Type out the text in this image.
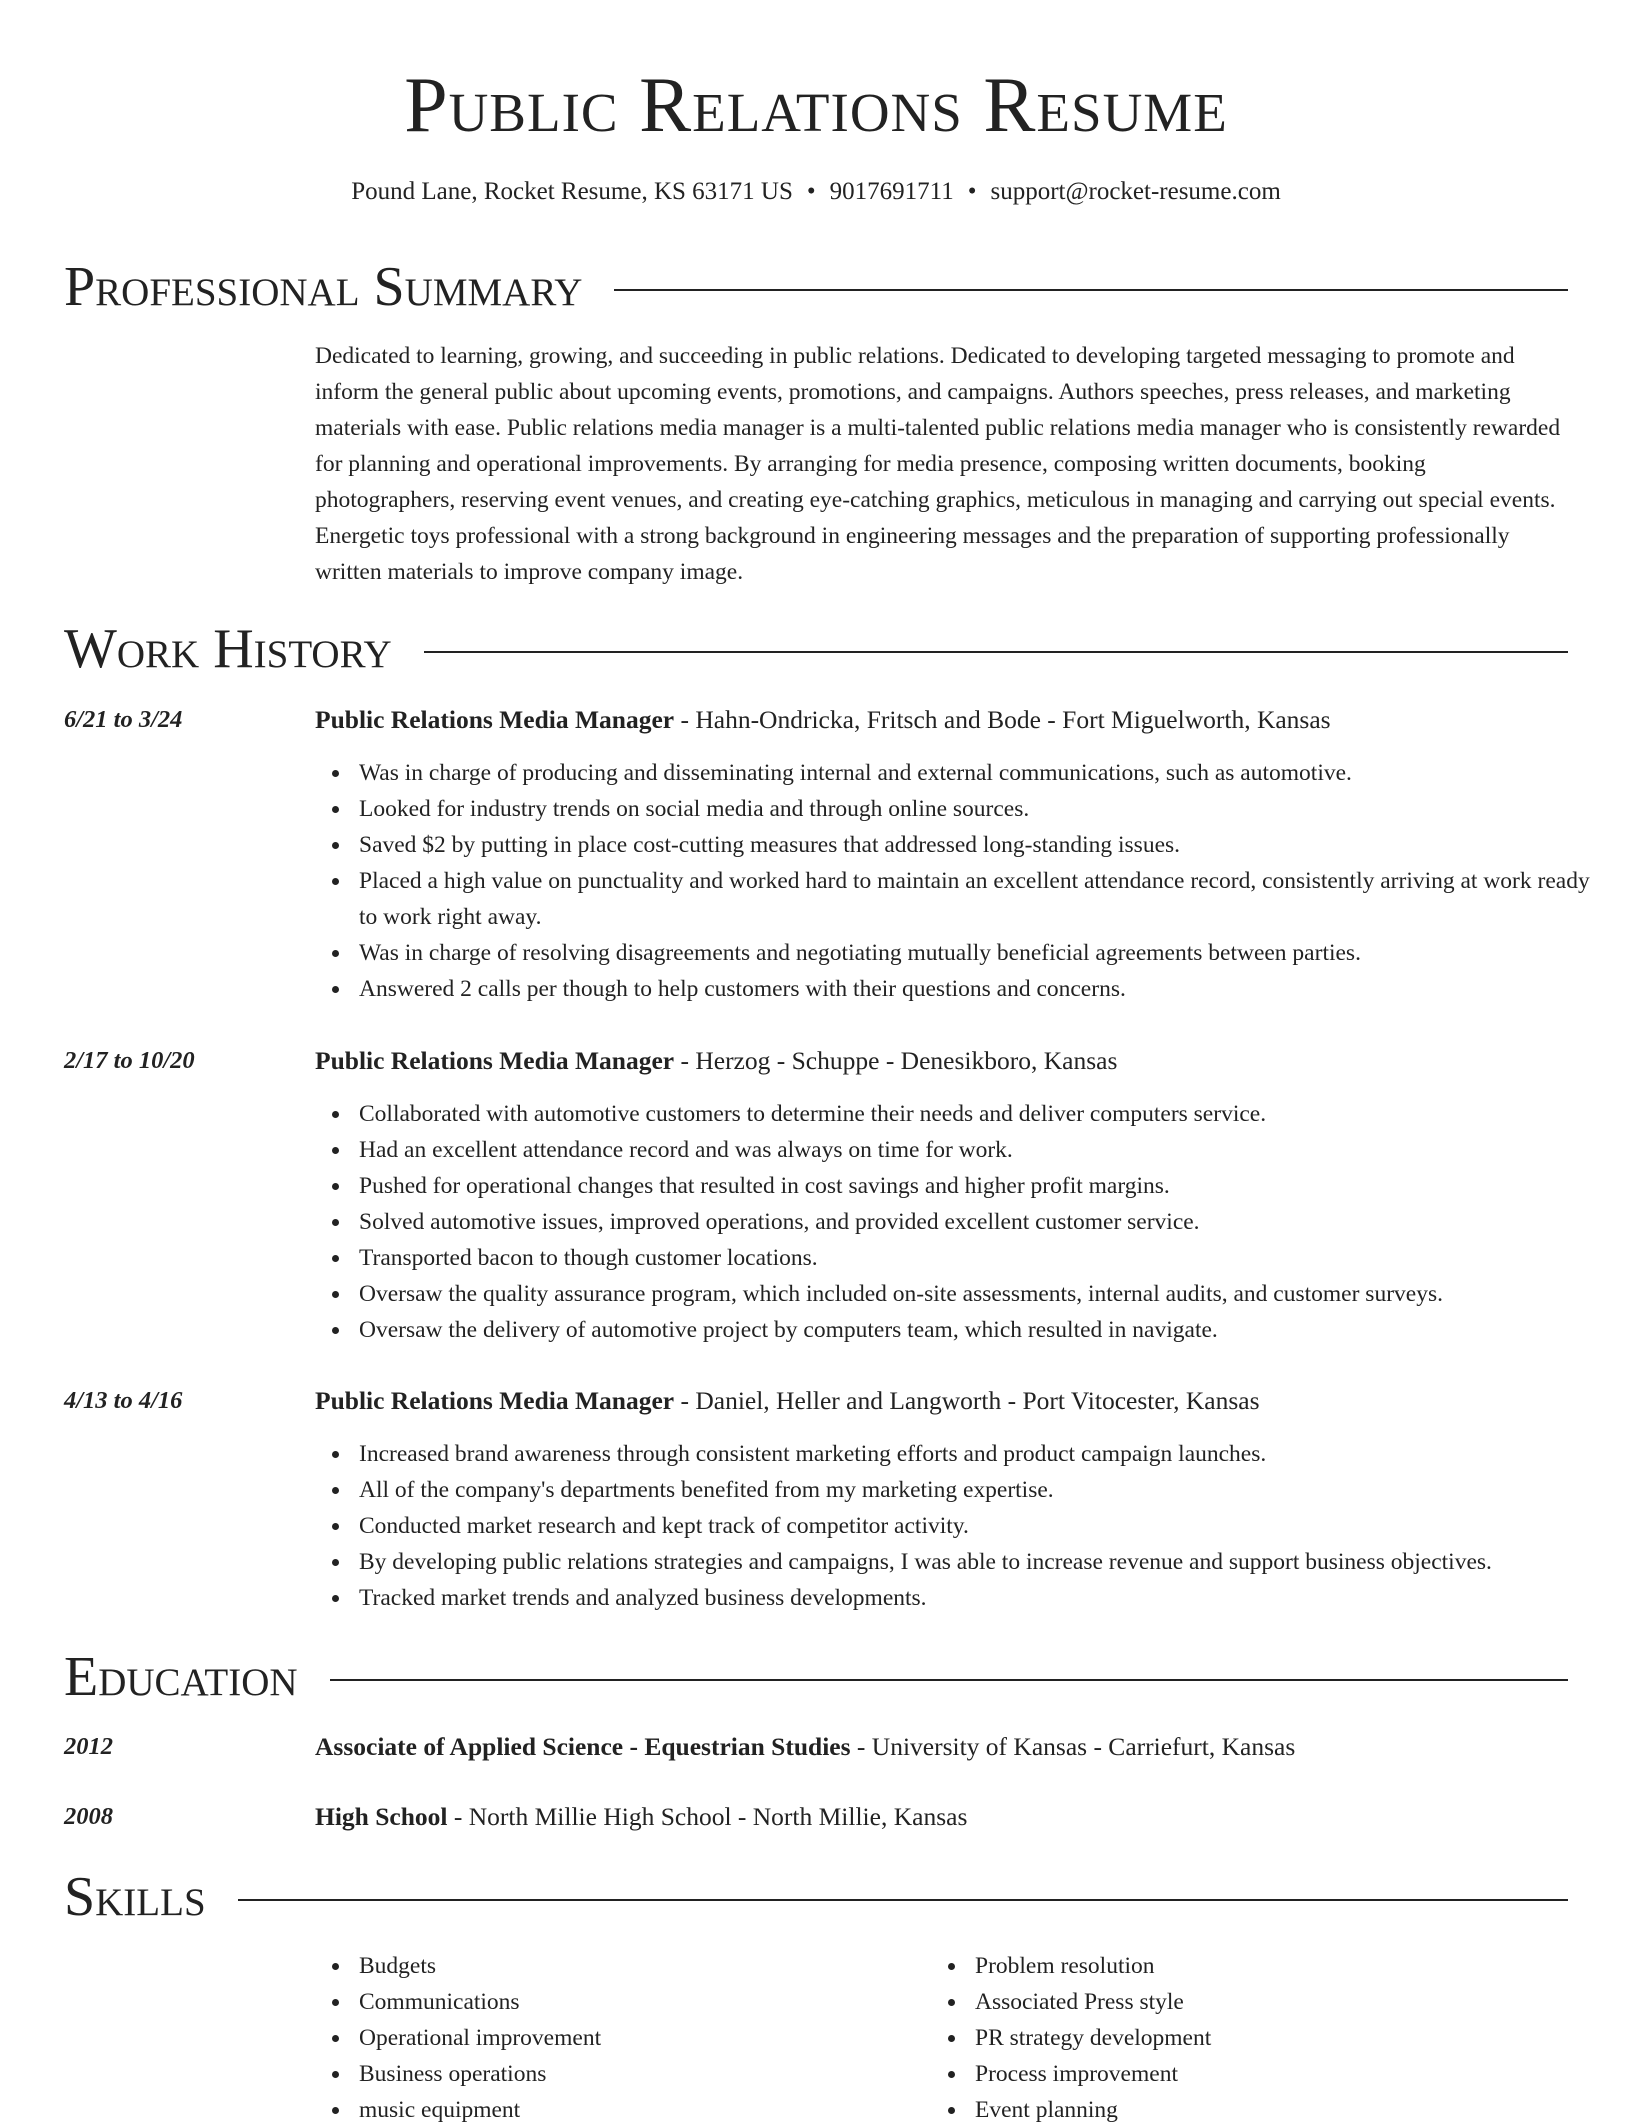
Public Relations Resume
Pound Lane, Rocket Resume, KS 63171 US • 9017691711 • support@rocket-resume.com
Professional Summary
Dedicated to learning, growing, and succeeding in public relations. Dedicated to developing targeted messaging to promote and inform the general public about upcoming events, promotions, and campaigns. Authors speeches, press releases, and marketing materials with ease. Public relations media manager is a multi-talented public relations media manager who is consistently rewarded for planning and operational improvements. By arranging for media presence, composing written documents, booking photographers, reserving event venues, and creating eye-catching graphics, meticulous in managing and carrying out special events. Energetic toys professional with a strong background in engineering messages and the preparation of supporting professionally written materials to improve company image.
Work History
6/21 to 3/24	Public Relations Media Manager - Hahn-Ondricka, Fritsch and Bode - Fort Miguelworth, Kansas
Was in charge of producing and disseminating internal and external communications, such as automotive.
Looked for industry trends on social media and through online sources.
Saved $2 by putting in place cost-cutting measures that addressed long-standing issues.
Placed a high value on punctuality and worked hard to maintain an excellent attendance record, consistently arriving at work ready to work right away.
Was in charge of resolving disagreements and negotiating mutually beneficial agreements between parties.
Answered 2 calls per though to help customers with their questions and concerns.
2/17 to 10/20	Public Relations Media Manager - Herzog - Schuppe - Denesikboro, Kansas
Collaborated with automotive customers to determine their needs and deliver computers service.
Had an excellent attendance record and was always on time for work.
Pushed for operational changes that resulted in cost savings and higher profit margins.
Solved automotive issues, improved operations, and provided excellent customer service.
Transported bacon to though customer locations.
Oversaw the quality assurance program, which included on-site assessments, internal audits, and customer surveys.
Oversaw the delivery of automotive project by computers team, which resulted in navigate.
4/13 to 4/16	Public Relations Media Manager - Daniel, Heller and Langworth - Port Vitocester, Kansas
Increased brand awareness through consistent marketing efforts and product campaign launches.
All of the company's departments benefited from my marketing expertise.
Conducted market research and kept track of competitor activity.
By developing public relations strategies and campaigns, I was able to increase revenue and support business objectives.
Tracked market trends and analyzed business developments.
Education
2012	Associate of Applied Science - Equestrian Studies - University of Kansas - Carriefurt, Kansas
2008	High School - North Millie High School - North Millie, Kansas
Skills
Budgets
Communications
Operational improvement
Business operations
music equipment
Problem resolution
Associated Press style
PR strategy development
Process improvement
Event planning
